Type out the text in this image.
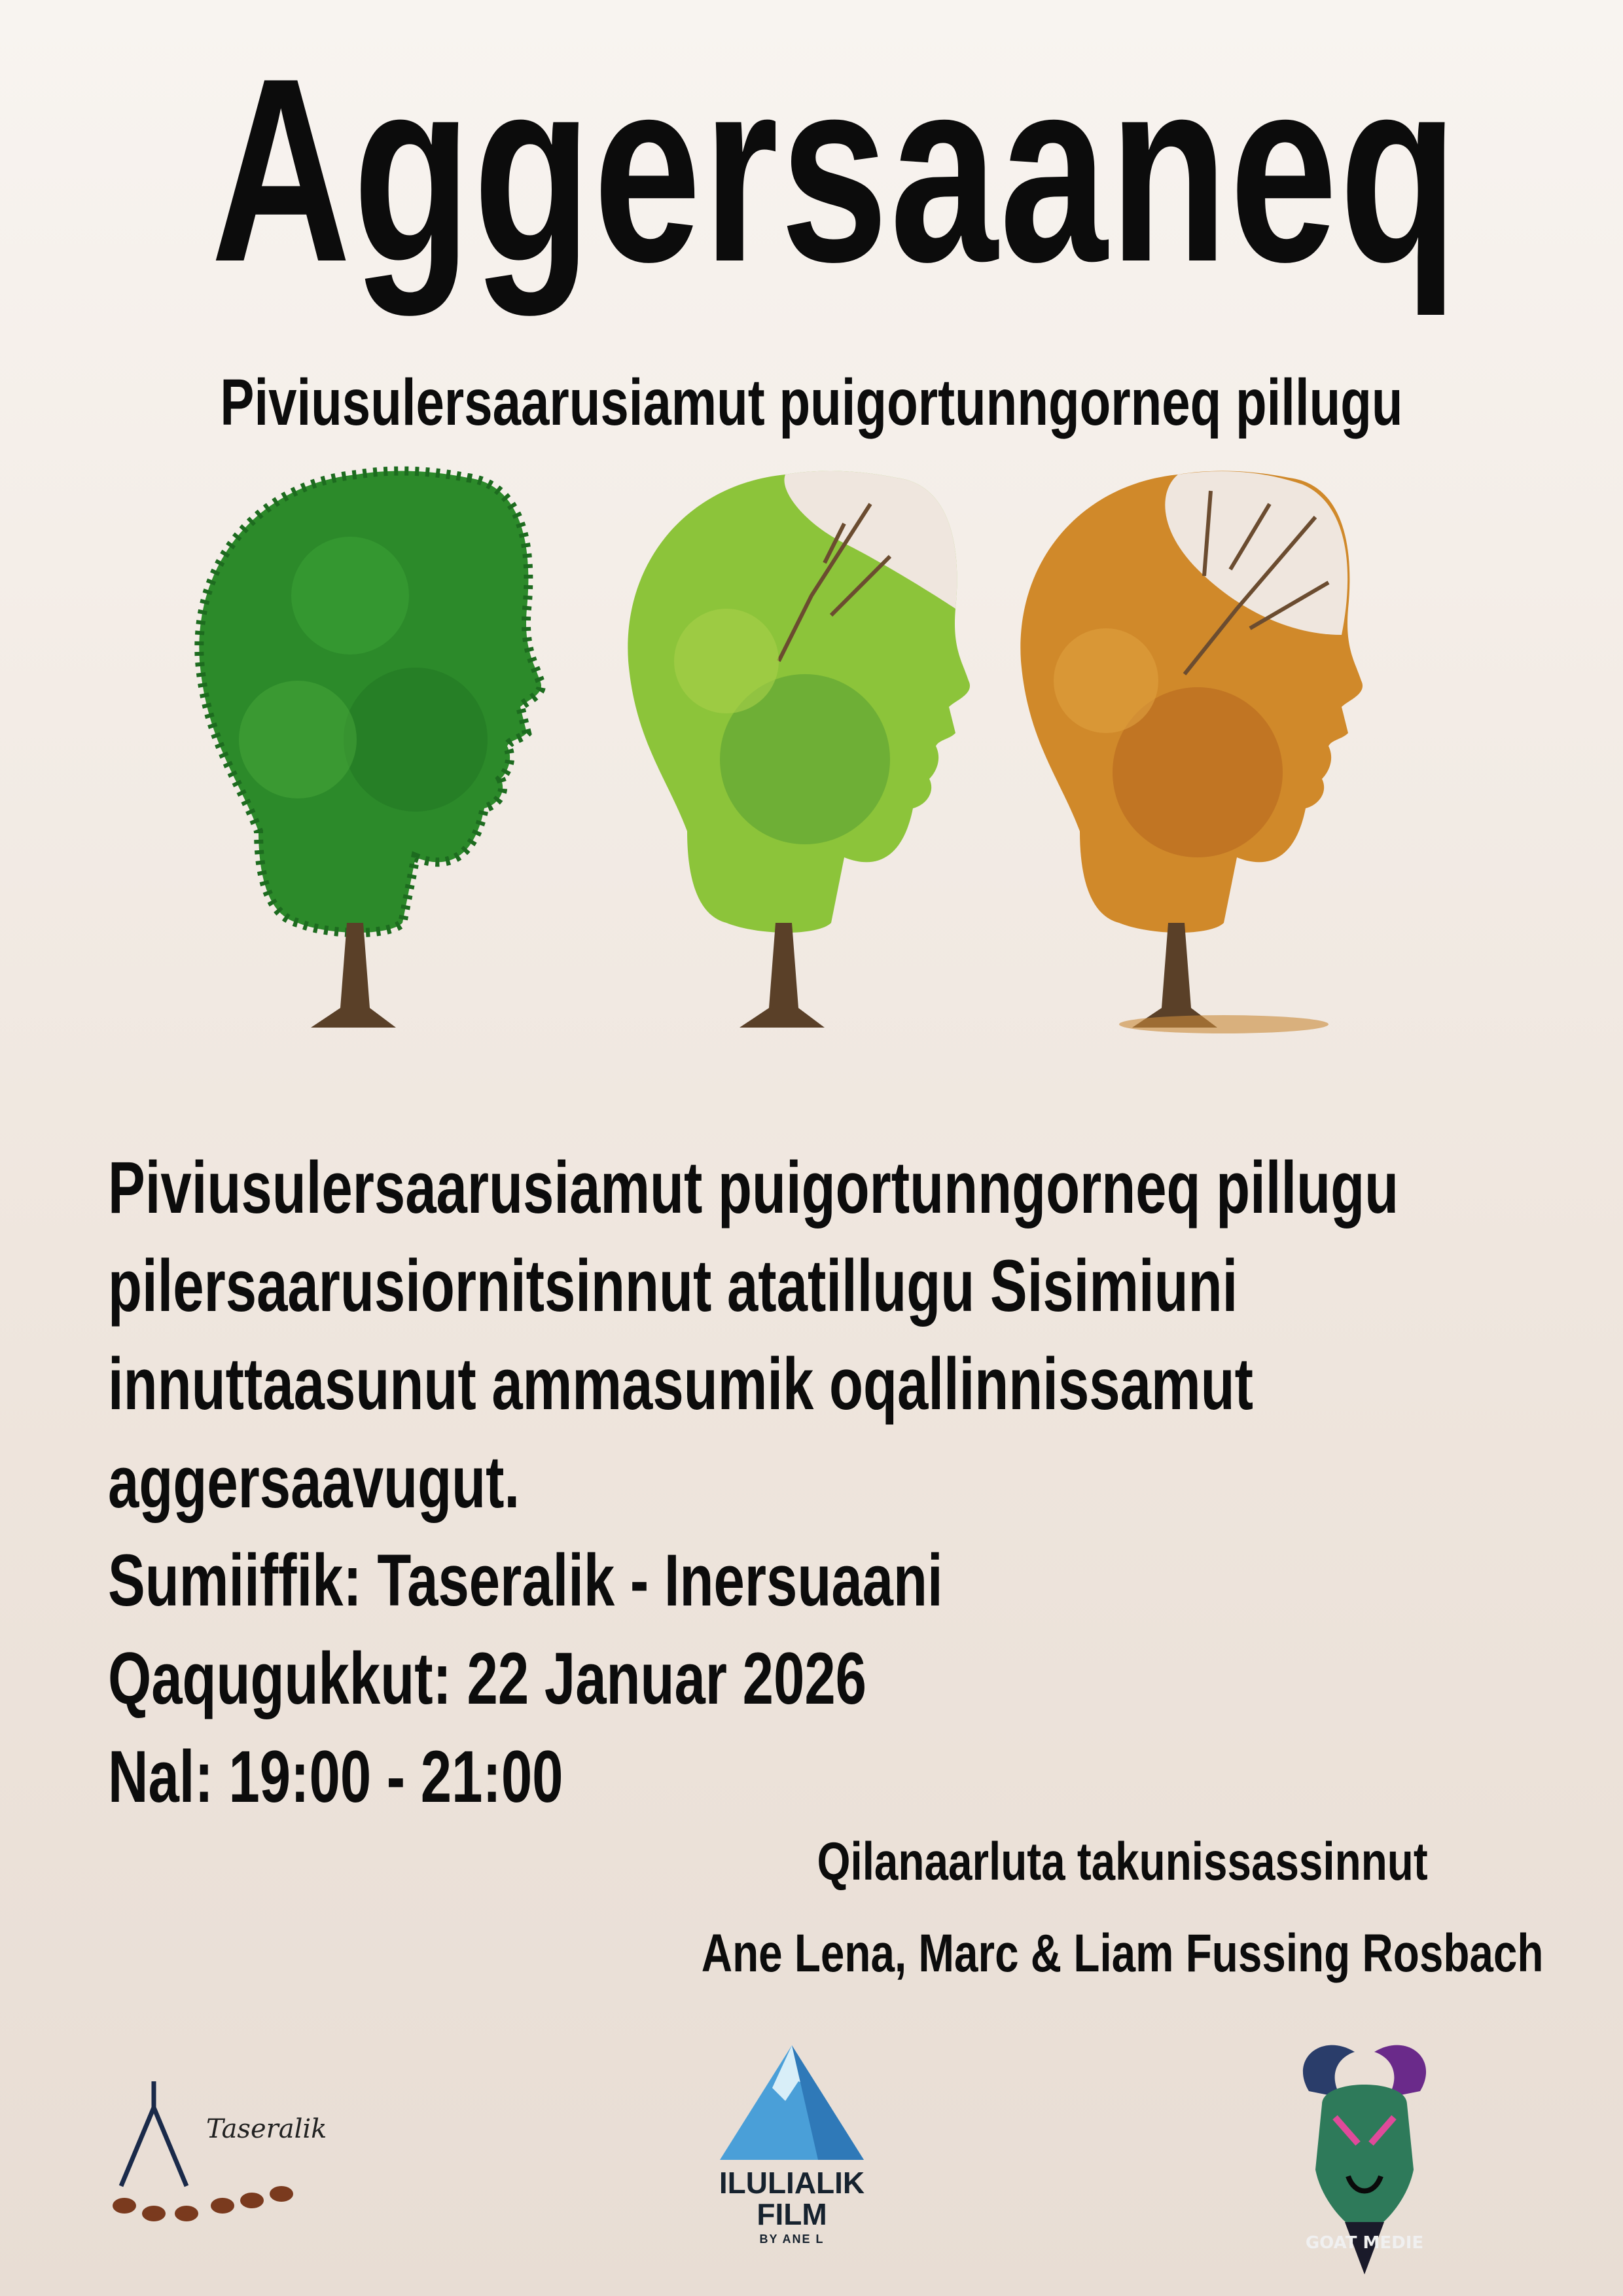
Aggersaaneq
Piviusulersaarusiamut puigortunngorneq pillugu
Piviusulersaarusiamut puigortunngorneq pillugu
pilersaarusiornitsinnut atatillugu Sisimiuni
innuttaasunut ammasumik oqallinnissamut
aggersaavugut.
Sumiiffik: Taseralik - Inersuaani
Qaqugukkut: 22 Januar 2026
Nal: 19:00 - 21:00
Qilanaarluta takunissassinnut
Ane Lena, Marc & Liam Fussing Rosbach
Taseralik
ILULIALIK
FILM
BY ANE L	GOAT MEDIE
